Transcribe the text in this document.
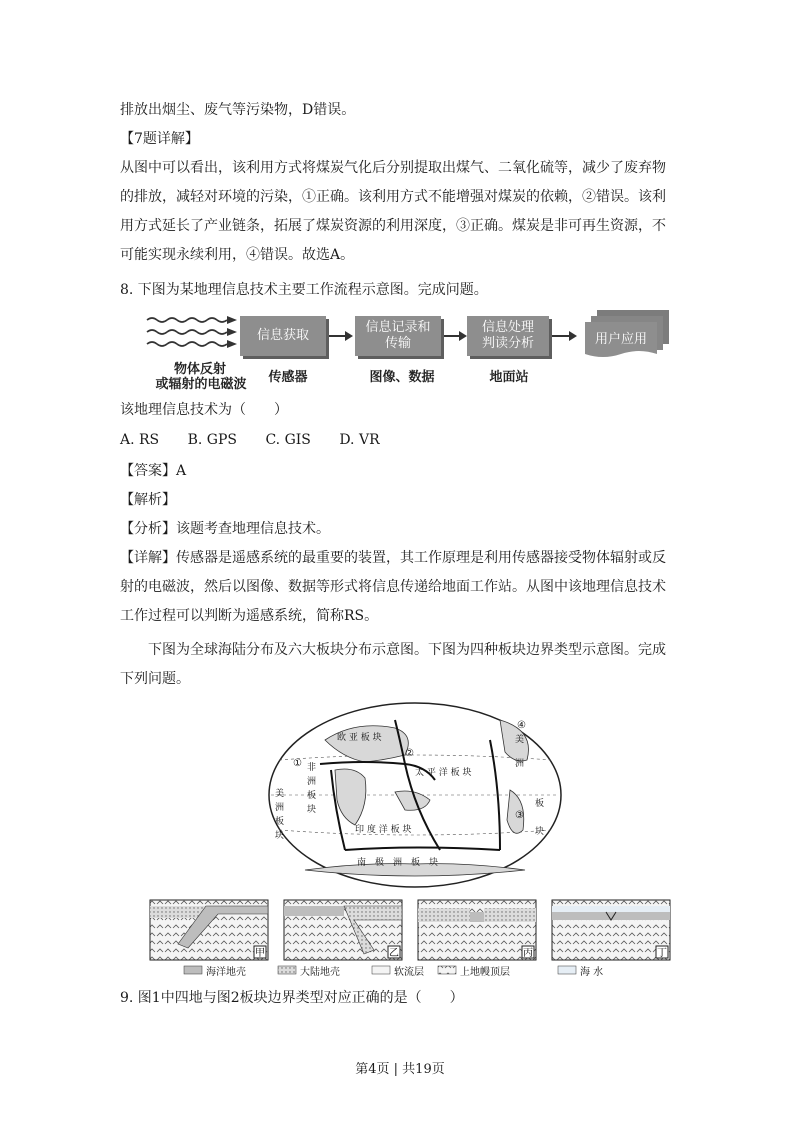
排放出烟尘、废气等污染物，D错误。
【7题详解】
从图中可以看出，该利用方式将煤炭气化后分别提取出煤气、二氧化硫等，减少了废弃物
的排放，减轻对环境的污染，①正确。该利用方式不能增强对煤炭的依赖，②错误。该利
用方式延长了产业链条，拓展了煤炭资源的利用深度，③正确。煤炭是非可再生资源，不
可能实现永续利用，④错误。故选A。
8. 下图为某地理信息技术主要工作流程示意图。完成问题。
物体反射
或辐射的电磁波
信息获取
信息记录和
传输
信息处理
判读分析	用户应用
传感器	图像、数据	地面站
该地理信息技术为（　　）
A. RS B. GPS C. GIS D. VR
【答案】A
【解析】
【分析】该题考查地理信息技术。
【详解】传感器是遥感系统的最重要的装置，其工作原理是利用传感器接受物体辐射或反
射的电磁波，然后以图像、数据等形式将信息传递给地面工作站。从图中该地理信息技术
工作过程可以判断为遥感系统，简称RS。
下图为全球海陆分布及六大板块分布示意图。下图为四种板块边界类型示意图。完成
下列问题。
欧 亚 板 块
太 平 洋 板 块
印 度 洋 板 块
南　极　洲　板　块
非
洲
板
块
美
洲
板
块
美
洲
板
块
①
②
③
④
甲	乙	丙	丁
海洋地壳	大陆地壳	软流层	上地幔顶层	海 水
9. 图1中四地与图2板块边界类型对应正确的是（　　）
第4页 | 共19页
